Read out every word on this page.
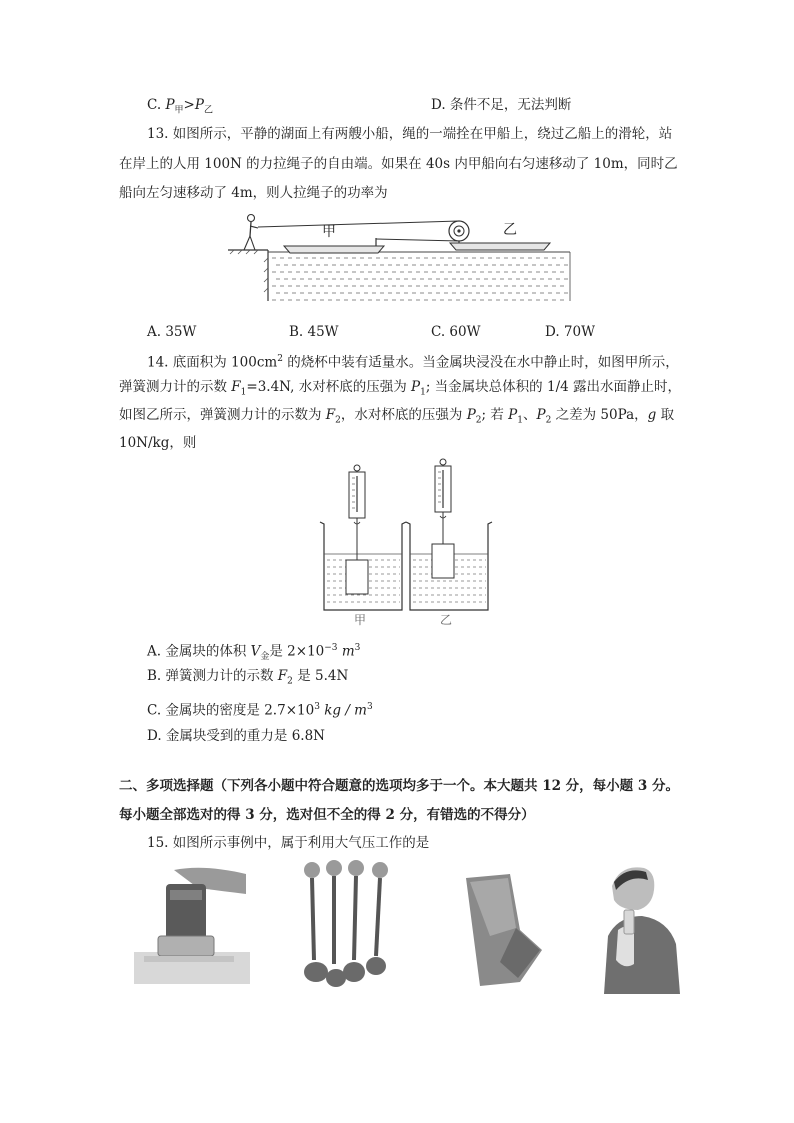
C. $P_甲>P_乙$	D. 条件不足，无法判断
13. 如图所示，平静的湖面上有两艘小船，绳的一端拴在甲船上，绕过乙船上的滑轮，站
在岸上的人用 100N 的力拉绳子的自由端。如果在 40s 内甲船向右匀速移动了 10m，同时乙
船向左匀速移动了 4m，则人拉绳子的功率为
甲	乙
A. 35W	B. 45W	C. 60W	D. 70W
14. 底面积为 $100cm^2$ 的烧杯中装有适量水。当金属块浸没在水中静止时，如图甲所示，
弹簧测力计的示数 $F_1=3.4N$, 水对杯底的压强为 $P_1$; 当金属块总体积的 1/4 露出水面静止时，
如图乙所示，弹簧测力计的示数为 $F_2$，水对杯底的压强为 $P_2$; 若 $P_1$、$P_2$ 之差为 50Pa，g 取
10N/kg，则
甲	乙
A. 金属块的体积 $V_金$是 $2\times 10^{-3}$ $m^3$
B. 弹簧测力计的示数 $F_2$ 是 5.4N
C. 金属块的密度是 $2.7\times 10^3$ kg / $m^3$
D. 金属块受到的重力是 6.8N
二、多项选择题（下列各小题中符合题意的选项均多于一个。本大题共 12 分，每小题 3 分。
每小题全部选对的得 3 分，选对但不全的得 2 分，有错选的不得分）
15. 如图所示事例中，属于利用大气压工作的是
